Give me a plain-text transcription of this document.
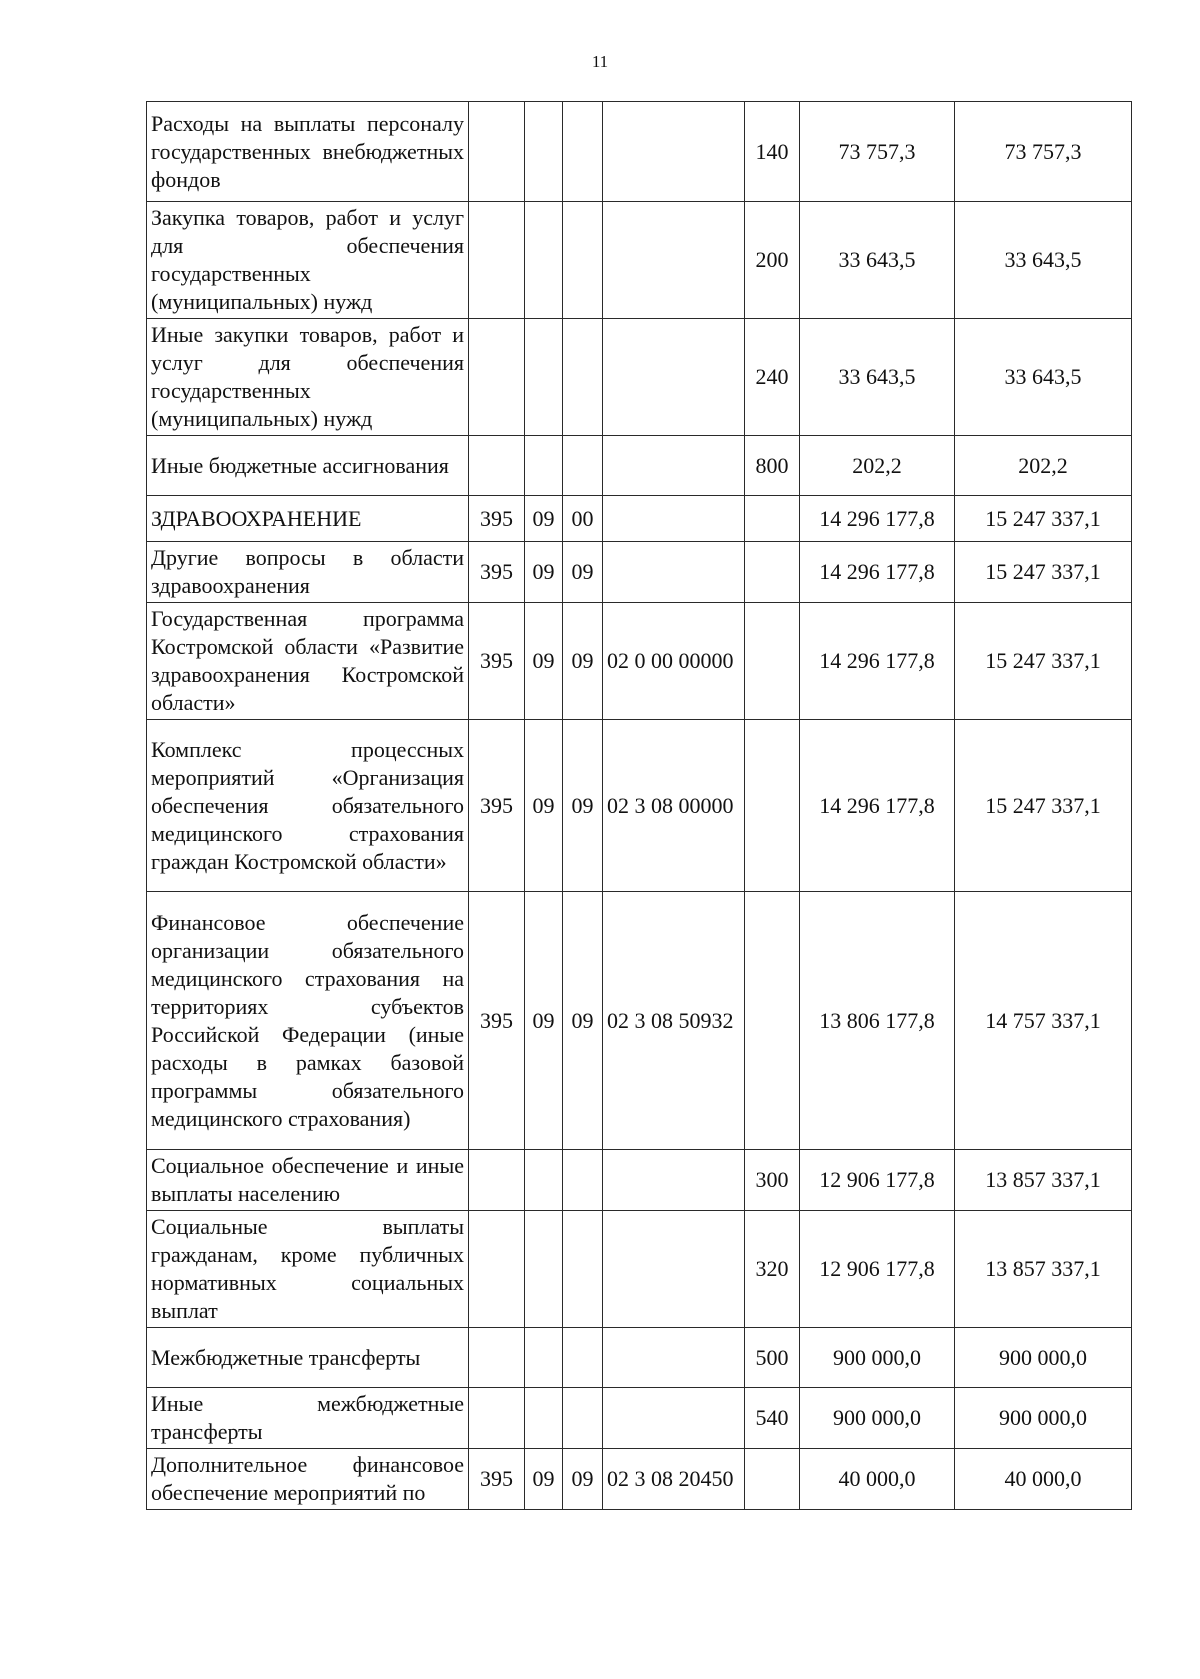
11
Расходы на выплаты персоналу государственных внебюджетных фондов					140	73 757,3	73 757,3
Закупка товаров, работ и услуг для обеспечения государственных (муниципальных) нужд					200	33 643,5	33 643,5
Иные закупки товаров, работ и услуг для обеспечения государственных (муниципальных) нужд					240	33 643,5	33 643,5
Иные бюджетные ассигнования					800	202,2	202,2
ЗДРАВООХРАНЕНИЕ	395	09	00			14 296 177,8	15 247 337,1
Другие вопросы в области здравоохранения	395	09	09			14 296 177,8	15 247 337,1
Государственная программа Костромской области «Развитие здравоохранения Костромской области»	395	09	09	02 0 00 00000		14 296 177,8	15 247 337,1
Комплекс процессных мероприятий «Организация обеспечения обязательного медицинского страхования граждан Костромской области»	395	09	09	02 3 08 00000		14 296 177,8	15 247 337,1
Финансовое обеспечение организации обязательного медицинского страхования на территориях субъектов Российской Федерации (иные расходы в рамках базовой программы обязательного медицинского страхования)	395	09	09	02 3 08 50932		13 806 177,8	14 757 337,1
Социальное обеспечение и иные выплаты населению					300	12 906 177,8	13 857 337,1
Социальные выплаты гражданам, кроме публичных нормативных социальных выплат					320	12 906 177,8	13 857 337,1
Межбюджетные трансферты					500	900 000,0	900 000,0
Иные межбюджетные трансферты					540	900 000,0	900 000,0
Дополнительное финансовое обеспечение мероприятий по	395	09	09	02 3 08 20450		40 000,0	40 000,0
